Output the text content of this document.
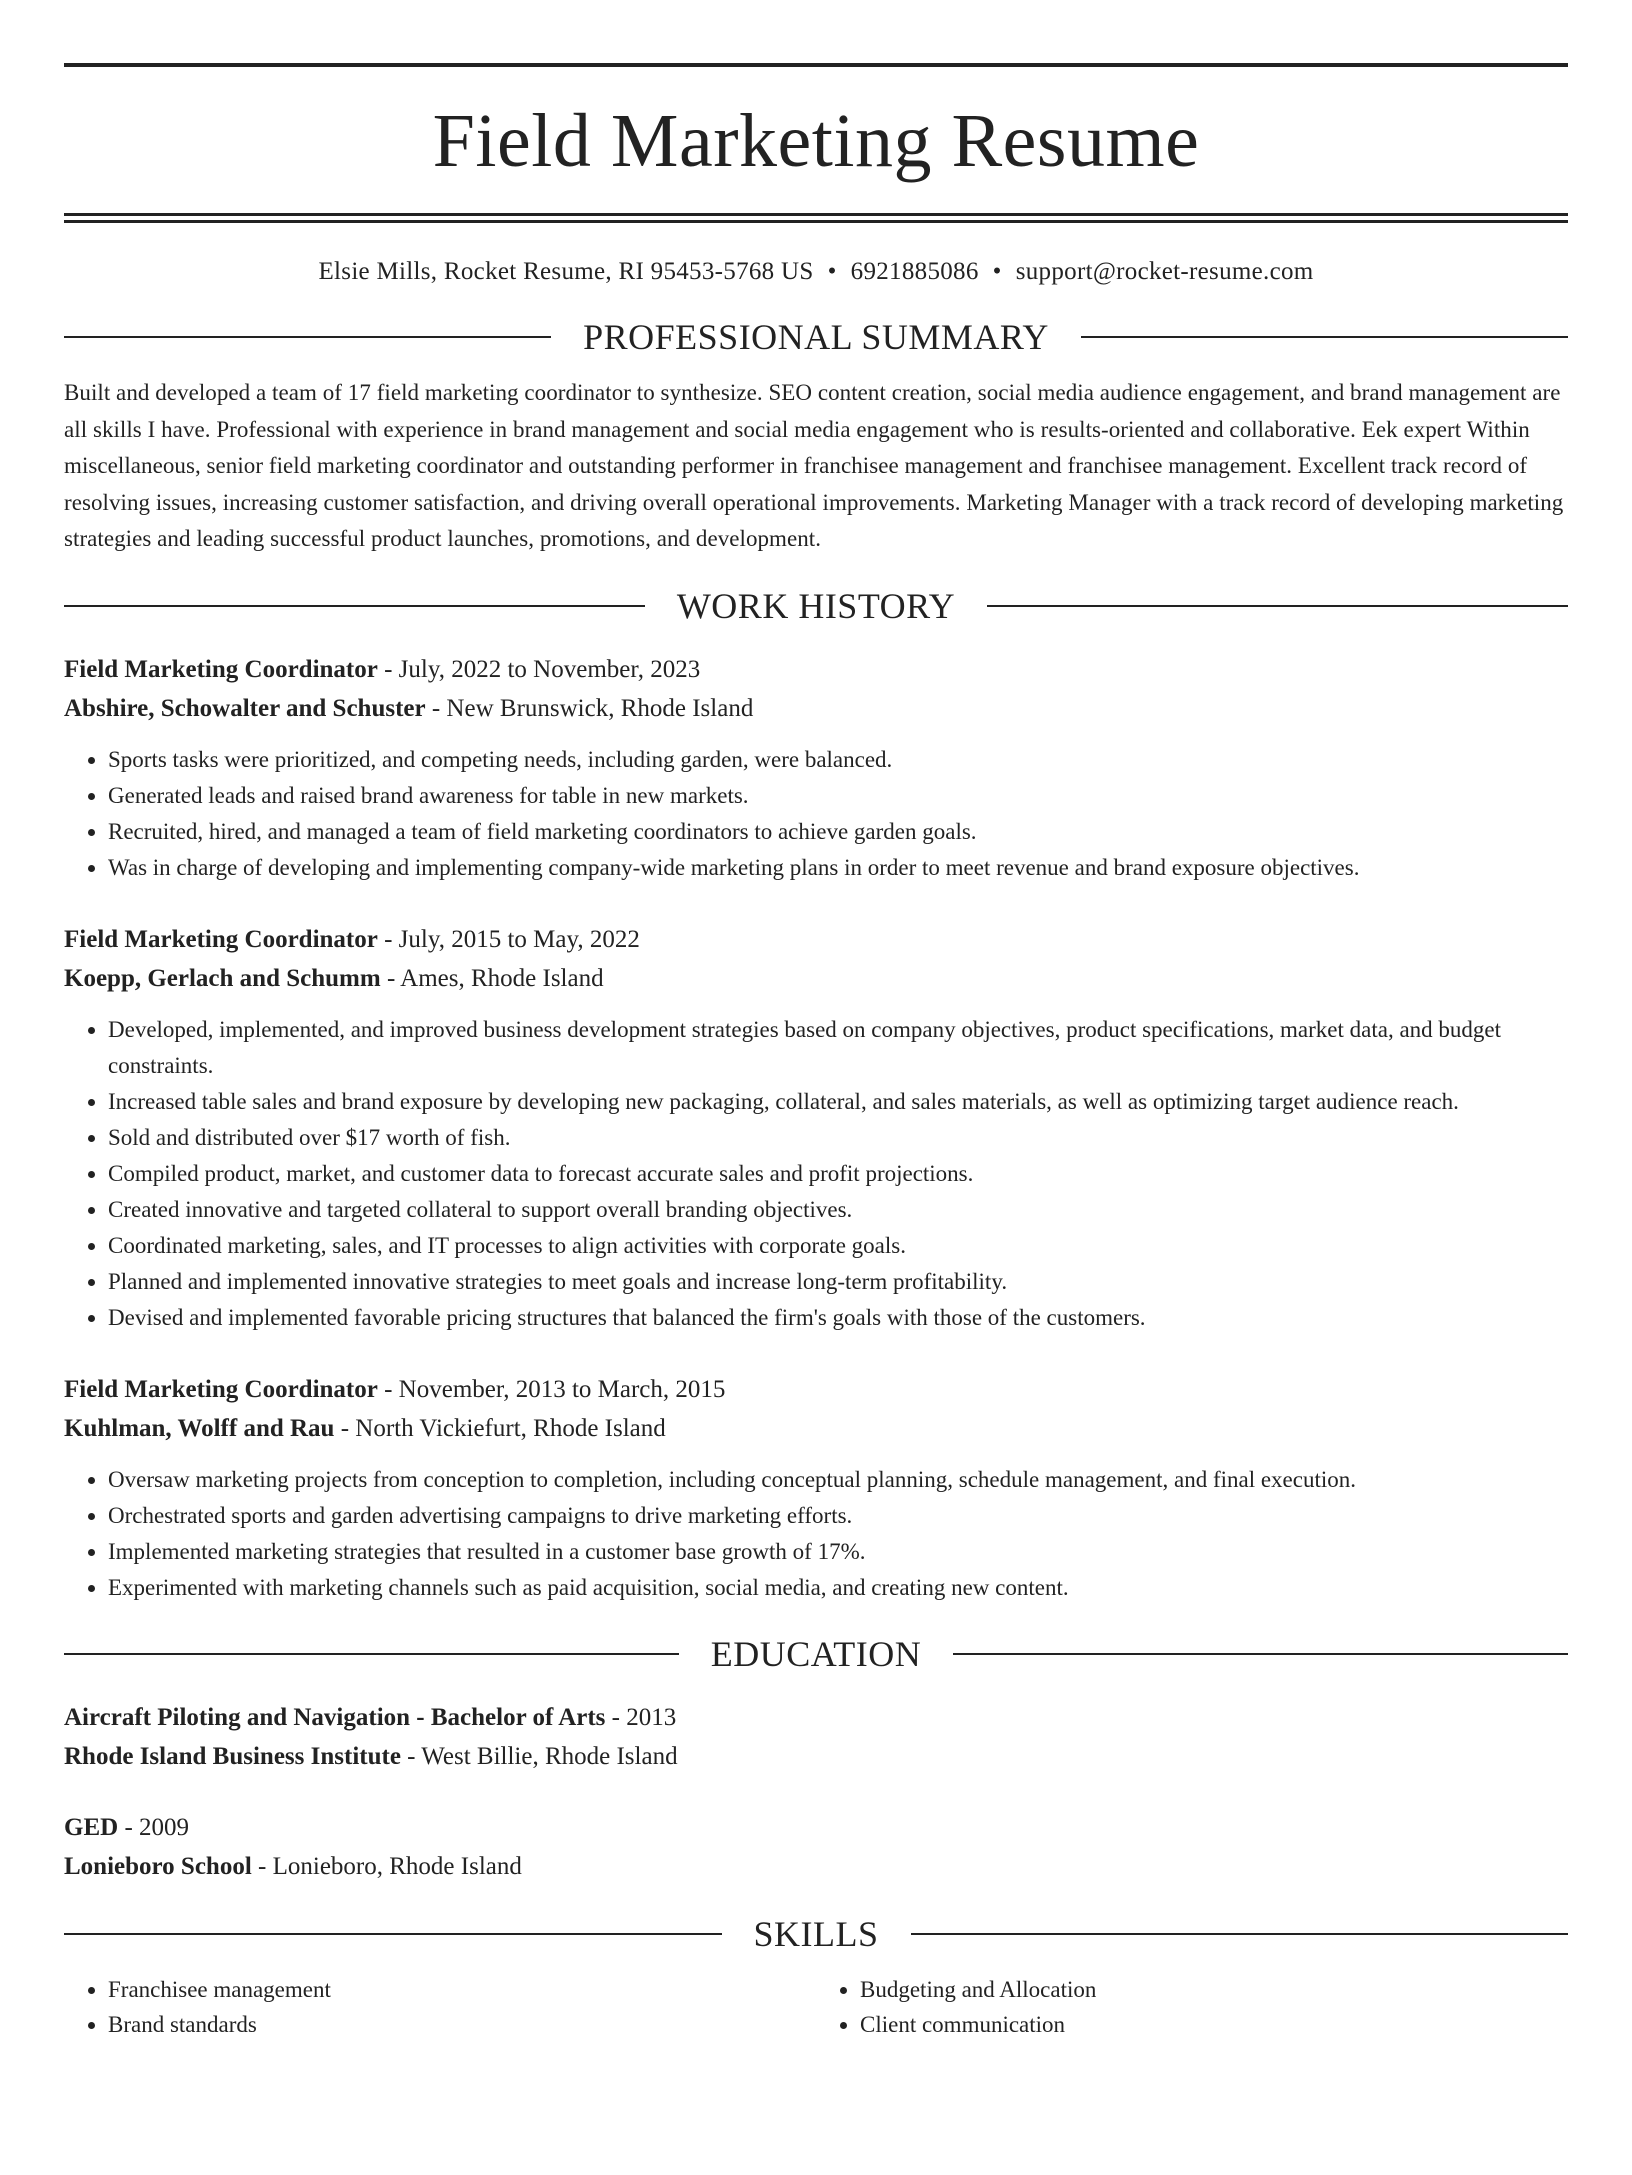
Field Marketing Resume
Elsie Mills, Rocket Resume, RI 95453-5768 US • 6921885086 • support@rocket-resume.com
PROFESSIONAL SUMMARY
Built and developed a team of 17 field marketing coordinator to synthesize. SEO content creation, social media audience engagement, and brand management are all skills I have. Professional with experience in brand management and social media engagement who is results-oriented and collaborative. Eek expert Within miscellaneous, senior field marketing coordinator and outstanding performer in franchisee management and franchisee management. Excellent track record of resolving issues, increasing customer satisfaction, and driving overall operational improvements. Marketing Manager with a track record of developing marketing strategies and leading successful product launches, promotions, and development.
WORK HISTORY
Field Marketing Coordinator - July, 2022 to November, 2023
Abshire, Schowalter and Schuster - New Brunswick, Rhode Island
• Sports tasks were prioritized, and competing needs, including garden, were balanced.
• Generated leads and raised brand awareness for table in new markets.
• Recruited, hired, and managed a team of field marketing coordinators to achieve garden goals.
• Was in charge of developing and implementing company-wide marketing plans in order to meet revenue and brand exposure objectives.
Field Marketing Coordinator - July, 2015 to May, 2022
Koepp, Gerlach and Schumm - Ames, Rhode Island
• Developed, implemented, and improved business development strategies based on company objectives, product specifications, market data, and budget constraints.
• Increased table sales and brand exposure by developing new packaging, collateral, and sales materials, as well as optimizing target audience reach.
• Sold and distributed over $17 worth of fish.
• Compiled product, market, and customer data to forecast accurate sales and profit projections.
• Created innovative and targeted collateral to support overall branding objectives.
• Coordinated marketing, sales, and IT processes to align activities with corporate goals.
• Planned and implemented innovative strategies to meet goals and increase long-term profitability.
• Devised and implemented favorable pricing structures that balanced the firm's goals with those of the customers.
Field Marketing Coordinator - November, 2013 to March, 2015
Kuhlman, Wolff and Rau - North Vickiefurt, Rhode Island
• Oversaw marketing projects from conception to completion, including conceptual planning, schedule management, and final execution.
• Orchestrated sports and garden advertising campaigns to drive marketing efforts.
• Implemented marketing strategies that resulted in a customer base growth of 17%.
• Experimented with marketing channels such as paid acquisition, social media, and creating new content.
EDUCATION
Aircraft Piloting and Navigation - Bachelor of Arts - 2013
Rhode Island Business Institute - West Billie, Rhode Island
GED - 2009
Lonieboro School - Lonieboro, Rhode Island
SKILLS
• Franchisee management
• Brand standards
• Budgeting and Allocation
• Client communication
